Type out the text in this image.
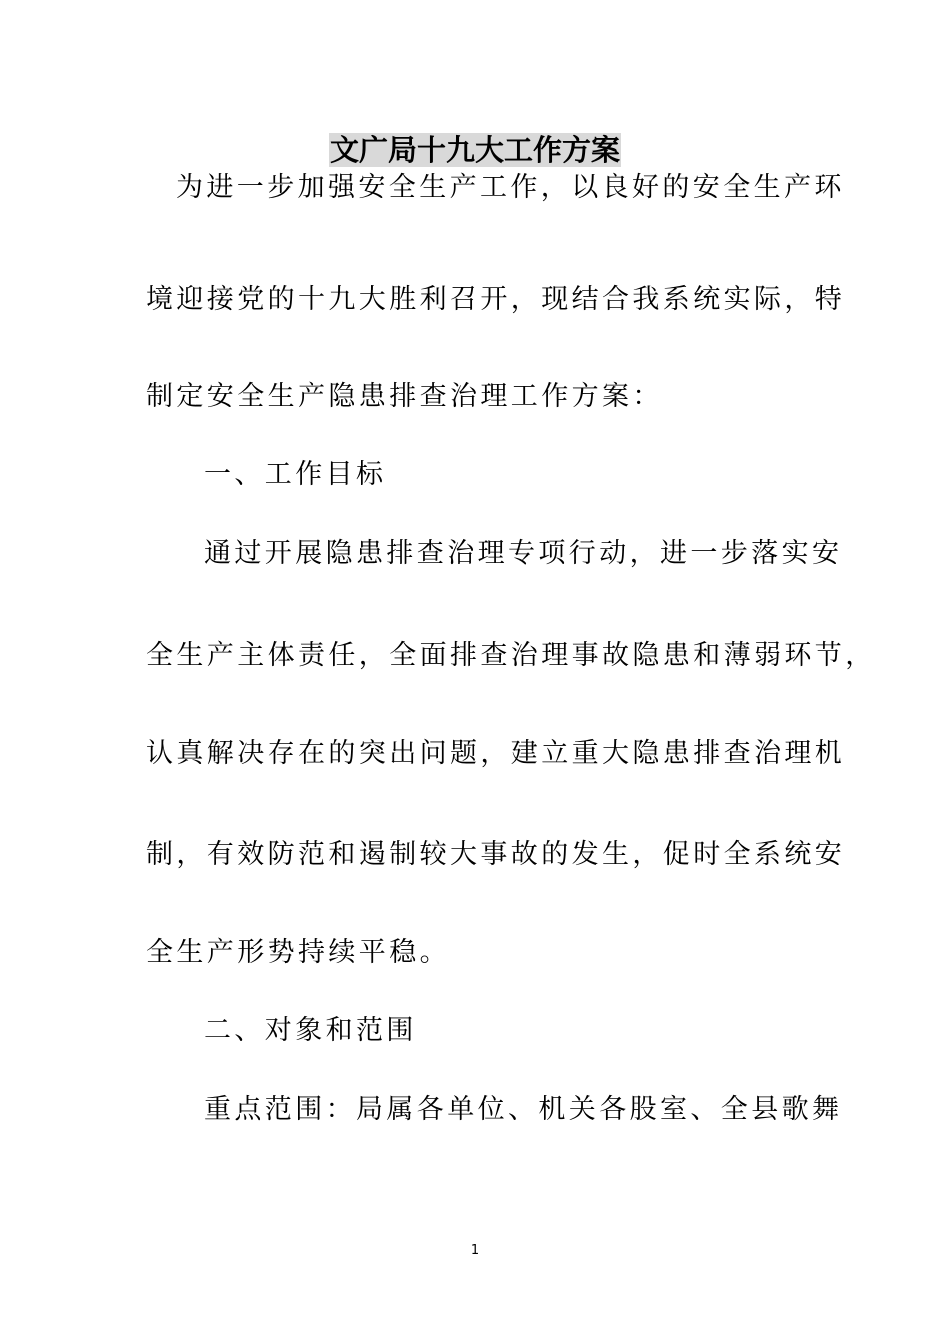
文广局十九大工作方案
为进一步加强安全生产工作，以良好的安全生产环
境迎接党的十九大胜利召开，现结合我系统实际，特
制定安全生产隐患排查治理工作方案：
一、工作目标
通过开展隐患排查治理专项行动，进一步落实安
全生产主体责任，全面排查治理事故隐患和薄弱环节，
认真解决存在的突出问题，建立重大隐患排查治理机
制，有效防范和遏制较大事故的发生，促时全系统安
全生产形势持续平稳。
二、对象和范围
重点范围：局属各单位、机关各股室、全县歌舞
1
